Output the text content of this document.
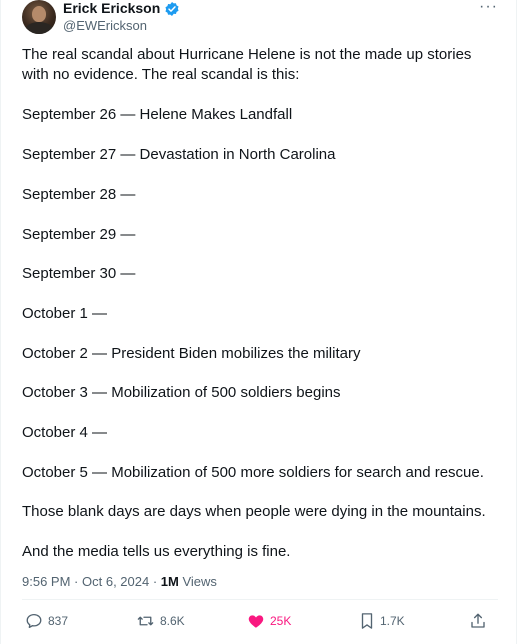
Erick Erickson
@EWErickson
···

The real scandal about Hurricane Helene is not the made up stories with no evidence. The real scandal is this:

September 26 — Helene Makes Landfall

September 27 — Devastation in North Carolina

September 28 —

September 29 —

September 30 —

October 1 —

October 2 — President Biden mobilizes the military

October 3 — Mobilization of 500 soldiers begins

October 4 —

October 5 — Mobilization of 500 more soldiers for search and rescue.

Those blank days are days when people were dying in the mountains.

And the media tells us everything is fine.

9:56 PM · Oct 6, 2024 · 1M Views
837	8.6K	25K	1.7K
